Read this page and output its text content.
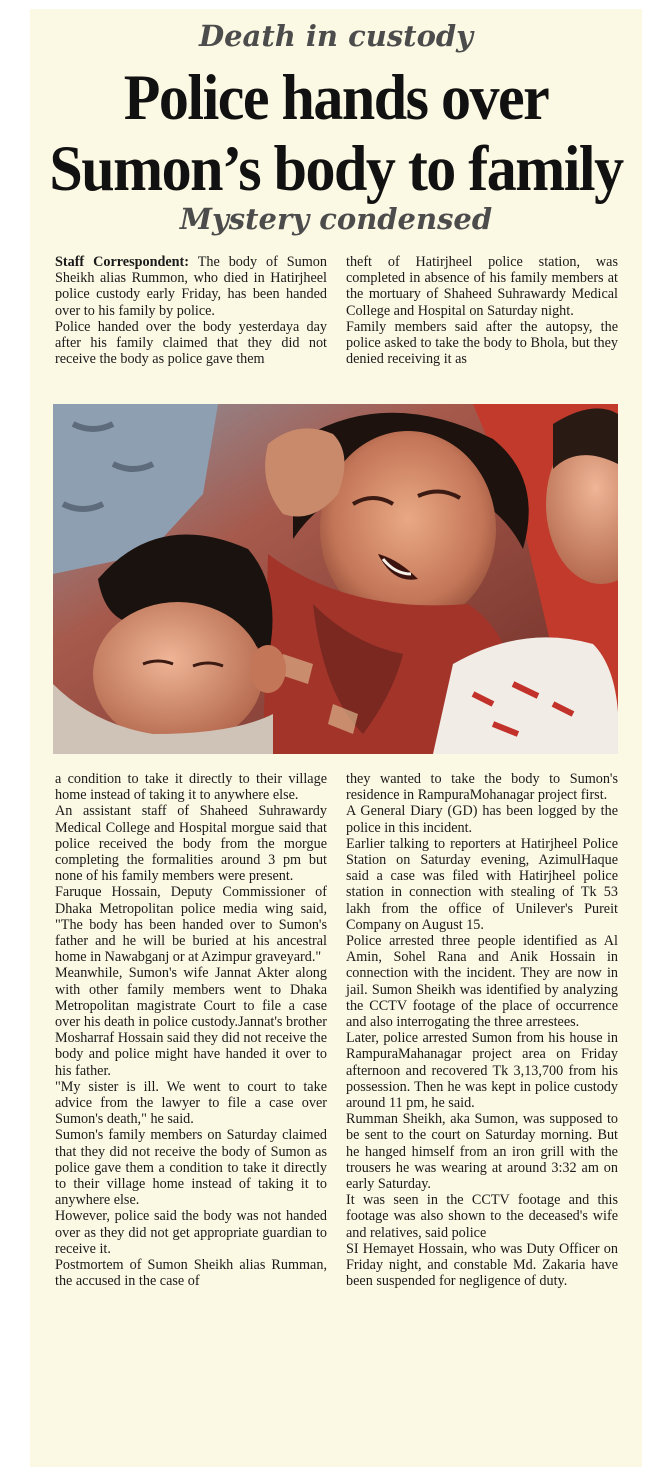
Death in custody
Police hands over
Sumon’s body to family
Mystery condensed

Staff Correspondent: The body of Sumon Sheikh alias Rummon, who died in Hatirjheel police custody early Friday, has been handed over to his family by police.

Police handed over the body yesterdaya day after his family claimed that they did not receive the body as police gave them

theft of Hatirjheel police station, was completed in absence of his family members at the mortuary of Shaheed Suhrawardy Medical College and Hospital on Saturday night.

Family members said after the autopsy, the police asked to take the body to Bhola, but they denied receiving it as

a condition to take it directly to their village home instead of taking it to anywhere else.

An assistant staff of Shaheed Suhrawardy Medical College and Hospital morgue said that police received the body from the morgue completing the formalities around 3 pm but none of his family members were present.

Faruque Hossain, Deputy Commissioner of Dhaka Metropolitan police media wing said, "The body has been handed over to Sumon's father and he will be buried at his ancestral home in Nawabganj or at Azimpur graveyard."

Meanwhile, Sumon's wife Jannat Akter along with other family members went to Dhaka Metropolitan magistrate Court to file a case over his death in police custody.Jannat's brother Mosharraf Hossain said they did not receive the body and police might have handed it over to his father.

"My sister is ill. We went to court to take advice from the lawyer to file a case over Sumon's death," he said.

Sumon's family members on Saturday claimed that they did not receive the body of Sumon as police gave them a condition to take it directly to their village home instead of taking it to anywhere else.

However, police said the body was not handed over as they did not get appropriate guardian to receive it.

Postmortem of Sumon Sheikh alias Rumman, the accused in the case of

they wanted to take the body to Sumon's residence in RampuraMohanagar project first.

A General Diary (GD) has been logged by the police in this incident.

Earlier talking to reporters at Hatirjheel Police Station on Saturday evening, AzimulHaque said a case was filed with Hatirjheel police station in connection with stealing of Tk 53 lakh from the office of Unilever's Pureit Company on August 15.

Police arrested three people identified as Al Amin, Sohel Rana and Anik Hossain in connection with the incident. They are now in jail. Sumon Sheikh was identified by analyzing the CCTV footage of the place of occurrence and also interrogating the three arrestees.

Later, police arrested Sumon from his house in RampuraMahanagar project area on Friday afternoon and recovered Tk 3,13,700 from his possession. Then he was kept in police custody around 11 pm, he said.

Rumman Sheikh, aka Sumon, was supposed to be sent to the court on Saturday morning. But he hanged himself from an iron grill with the trousers he was wearing at around 3:32 am on early Saturday.

It was seen in the CCTV footage and this footage was also shown to the deceased's wife and relatives, said police

SI Hemayet Hossain, who was Duty Officer on Friday night, and constable Md. Zakaria have been suspended for negligence of duty.
